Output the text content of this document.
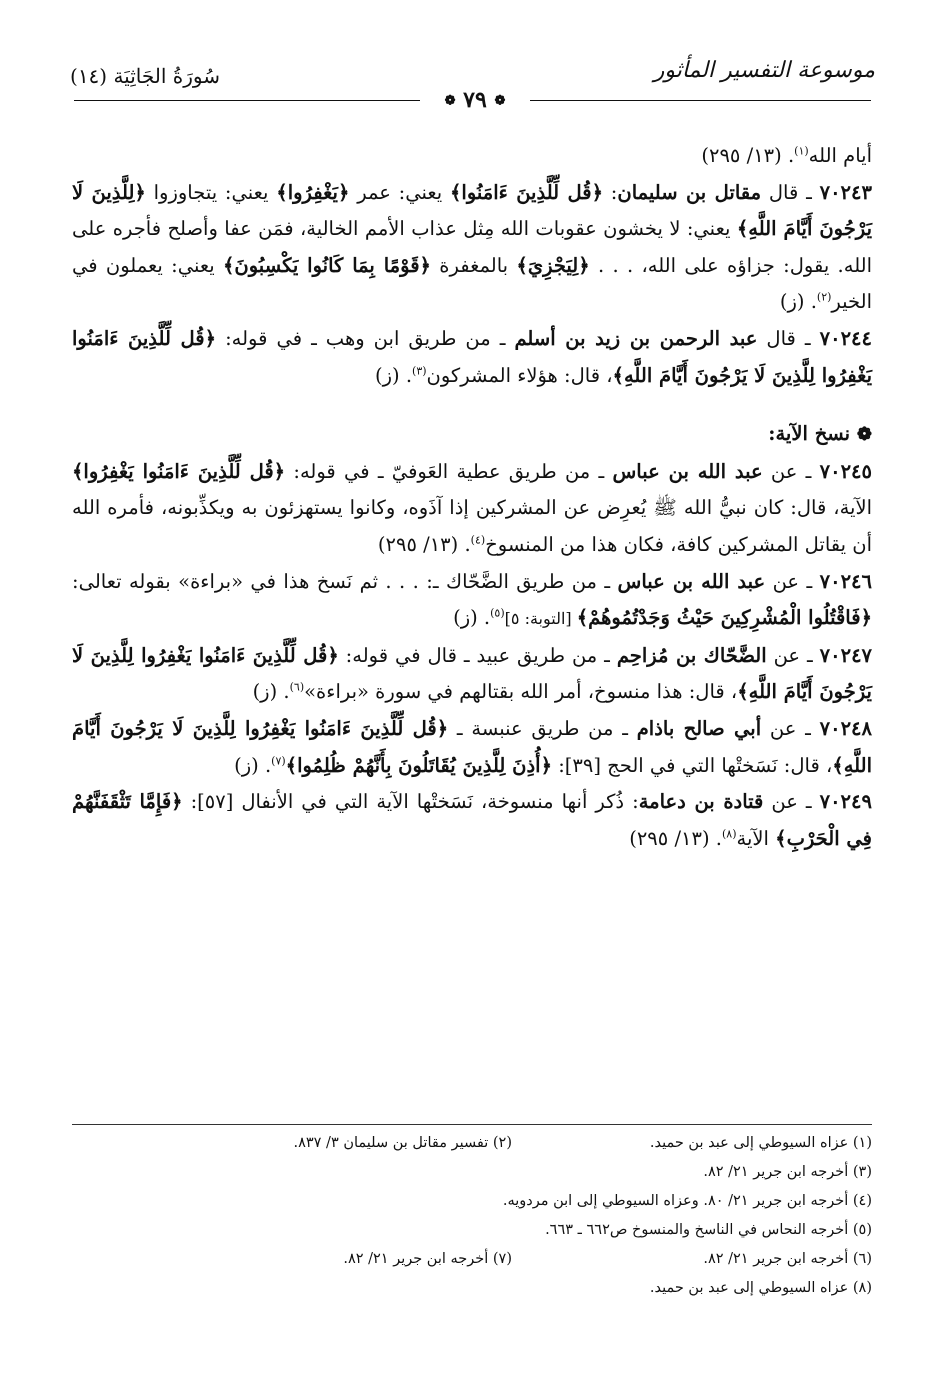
موسوعة التفسير المأثور
سُورَةُ الجَاثِيَة (١٤)
❁ ٧٩ ❁

أيام الله$^{(١)}$. (١٣/ ٢٩٥)

٧٠٢٤٣ ـ قال مقاتل بن سليمان: ﴿قُل لِّلَّذِينَ ءَامَنُوا﴾ يعني: عمر ﴿يَغْفِرُوا﴾ يعني: يتجاوزوا ﴿لِلَّذِينَ لَا يَرْجُونَ أَيَّامَ اللَّهِ﴾ يعني: لا يخشون عقوبات الله مِثل عذاب الأمم الخالية، فمَن عفا وأصلح فأجره على الله. يقول: جزاؤه على الله، . . . ﴿لِيَجْزِيَ﴾ بالمغفرة ﴿قَوْمًا بِمَا كَانُوا يَكْسِبُونَ﴾ يعني: يعملون في الخير$^{(٢)}$. (ز)

٧٠٢٤٤ ـ قال عبد الرحمن بن زيد بن أسلم ـ من طريق ابن وهب ـ في قوله: ﴿قُل لِّلَّذِينَ ءَامَنُوا يَغْفِرُوا لِلَّذِينَ لَا يَرْجُونَ أَيَّامَ اللَّهِ﴾، قال: هؤلاء المشركون$^{(٣)}$. (ز)

❁ نسخ الآية:

٧٠٢٤٥ ـ عن عبد الله بن عباس ـ من طريق عطية العَوفيّ ـ في قوله: ﴿قُل لِّلَّذِينَ ءَامَنُوا يَغْفِرُوا﴾ الآية، قال: كان نبيُّ الله ﷺ يُعرِض عن المشركين إذا آذَوه، وكانوا يستهزئون به ويكذِّبونه، فأمره الله أن يقاتل المشركين كافة، فكان هذا من المنسوخ$^{(٤)}$. (١٣/ ٢٩٥)

٧٠٢٤٦ ـ عن عبد الله بن عباس ـ من طريق الضَّحّاك ـ: . . . ثم نَسخ هذا في «براءة» بقوله تعالى: ﴿فَاقْتُلُوا الْمُشْرِكِينَ حَيْثُ وَجَدْتُمُوهُمْ﴾ [التوبة: ٥]$^{(٥)}$. (ز)

٧٠٢٤٧ ـ عن الضَّحّاك بن مُزاحِم ـ من طريق عبيد ـ قال في قوله: ﴿قُل لِّلَّذِينَ ءَامَنُوا يَغْفِرُوا لِلَّذِينَ لَا يَرْجُونَ أَيَّامَ اللَّهِ﴾، قال: هذا منسوخ، أمر الله بقتالهم في سورة «براءة»$^{(٦)}$. (ز)

٧٠٢٤٨ ـ عن أبي صالح باذام ـ من طريق عنبسة ـ ﴿قُل لِّلَّذِينَ ءَامَنُوا يَغْفِرُوا لِلَّذِينَ لَا يَرْجُونَ أَيَّامَ اللَّهِ﴾، قال: نَسَختْها التي في الحج [٣٩]: ﴿أُذِنَ لِلَّذِينَ يُقَاتَلُونَ بِأَنَّهُمْ ظُلِمُوا﴾$^{(٧)}$. (ز)

٧٠٢٤٩ ـ عن قتادة بن دعامة: ذُكر أنها منسوخة، نَسَختْها الآية التي في الأنفال [٥٧]: ﴿فَإِمَّا تَثْقَفَنَّهُمْ فِي الْحَرْبِ﴾ الآية$^{(٨)}$. (١٣/ ٢٩٥)

(١) عزاه السيوطي إلى عبد بن حميد.
(٢) تفسير مقاتل بن سليمان ٣/ ٨٣٧.
(٣) أخرجه ابن جرير ٢١/ ٨٢.
(٤) أخرجه ابن جرير ٢١/ ٨٠. وعزاه السيوطي إلى ابن مردويه.
(٥) أخرجه النحاس في الناسخ والمنسوخ ص٦٦٢ ـ ٦٦٣.
(٦) أخرجه ابن جرير ٢١/ ٨٢.
(٧) أخرجه ابن جرير ٢١/ ٨٢.
(٨) عزاه السيوطي إلى عبد بن حميد.
